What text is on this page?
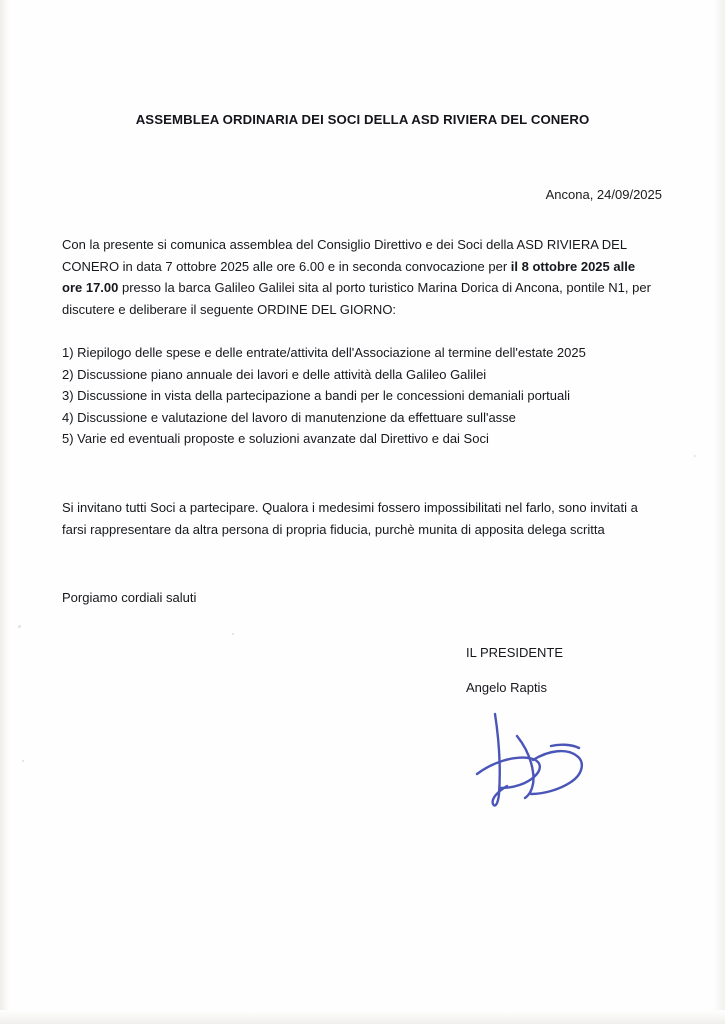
ASSEMBLEA ORDINARIA DEI SOCI DELLA ASD RIVIERA DEL CONERO
Ancona, 24/09/2025
Con la presente si comunica assemblea del Consiglio Direttivo e dei Soci della ASD RIVIERA DEL CONERO in data 7 ottobre 2025 alle ore 6.00 e in seconda convocazione per il 8 ottobre 2025 alle ore 17.00 presso la barca Galileo Galilei sita al porto turistico Marina Dorica di Ancona, pontile N1, per discutere e deliberare il seguente ORDINE DEL GIORNO:
1) Riepilogo delle spese e delle entrate/attivita dell'Associazione al termine dell'estate 2025
2) Discussione piano annuale dei lavori e delle attività della Galileo Galilei
3) Discussione in vista della partecipazione a bandi per le concessioni demaniali portuali
4) Discussione e valutazione del lavoro di manutenzione da effettuare sull'asse
5) Varie ed eventuali proposte e soluzioni avanzate dal Direttivo e dai Soci
Si invitano tutti Soci a partecipare. Qualora i medesimi fossero impossibilitati nel farlo, sono invitati a farsi rappresentare da altra persona di propria fiducia, purchè munita di apposita delega scritta
Porgiamo cordiali saluti
IL PRESIDENTE
Angelo Raptis
